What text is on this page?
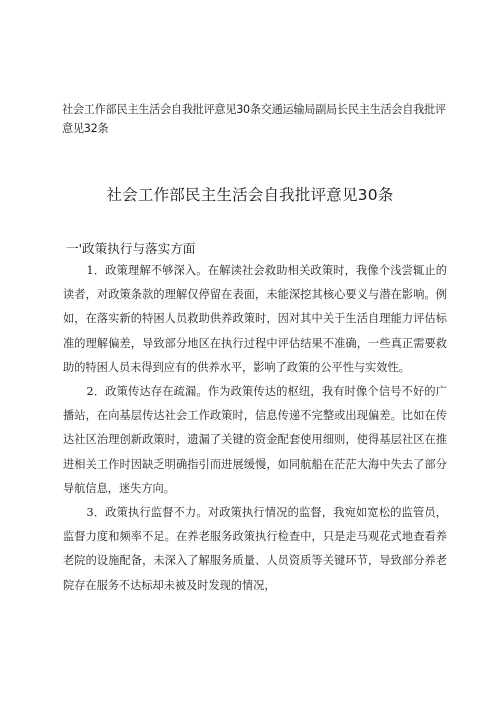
社会工作部民主生活会自我批评意见30条交通运输局副局长民主生活会自我批评意见32条
社会工作部民主生活会自我批评意见30条
一'政策执行与落实方面

1．政策理解不够深入。在解读社会救助相关政策时，我像个浅尝辄止的读者，对政策条款的理解仅停留在表面，未能深挖其核心要义与潜在影响。例如，在落实新的特困人员救助供养政策时，因对其中关于生活自理能力评估标准的理解偏差，导致部分地区在执行过程中评估结果不准确，一些真正需要救助的特困人员未得到应有的供养水平，影响了政策的公平性与实效性。

2．政策传达存在疏漏。作为政策传达的枢纽，我有时像个信号不好的广播站，在向基层传达社会工作政策时，信息传递不完整或出现偏差。比如在传达社区治理创新政策时，遗漏了关键的资金配套使用细则，使得基层社区在推进相关工作时因缺乏明确指引而进展缓慢，如同航船在茫茫大海中失去了部分导航信息，迷失方向。

3．政策执行监督不力。对政策执行情况的监督，我宛如宽松的监管员，监督力度和频率不足。在养老服务政策执行检查中，只是走马观花式地查看养老院的设施配备，未深入了解服务质量、人员资质等关键环节，导致部分养老院存在服务不达标却未被及时发现的情况，
